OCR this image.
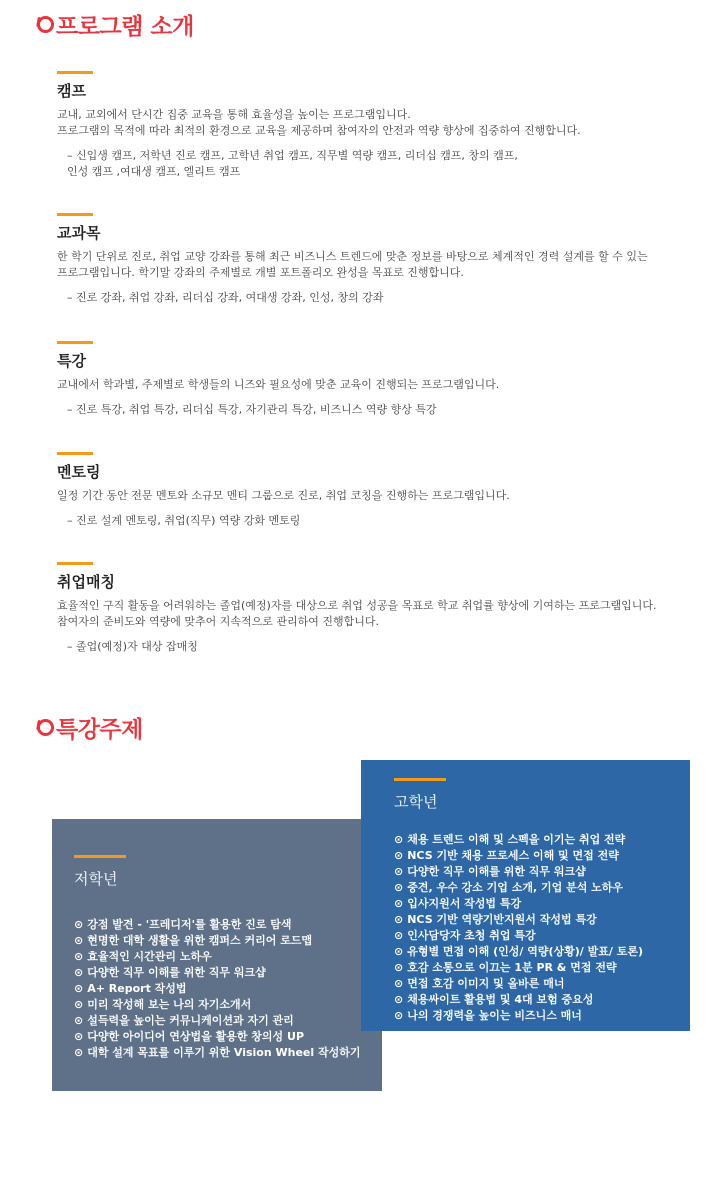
프로그램 소개
캠프

교내, 교외에서 단시간 집중 교육을 통해 효율성을 높이는 프로그램입니다.
프로그램의 목적에 따라 최적의 환경으로 교육을 제공하며 참여자의 안전과 역량 향상에 집중하여 진행합니다.

– 신입생 캠프, 저학년 진로 캠프, 고학년 취업 캠프, 직무별 역량 캠프, 리더십 캠프, 창의 캠프,
인성 캠프 ,여대생 캠프, 엘리트 캠프

교과목

한 학기 단위로 진로, 취업 교양 강좌를 통해 최근 비즈니스 트렌드에 맞춘 정보를 바탕으로 체계적인 경력 설계를 할 수 있는
프로그램입니다. 학기말 강좌의 주제별로 개별 포트폴리오 완성을 목표로 진행합니다.

– 진로 강좌, 취업 강좌, 리더십 강좌, 여대생 강좌, 인성, 창의 강좌

특강

교내에서 학과별, 주제별로 학생들의 니즈와 필요성에 맞춘 교육이 진행되는 프로그램입니다.

– 진로 특강, 취업 특강, 리더십 특강, 자기관리 특강, 비즈니스 역량 향상 특강

멘토링

일정 기간 동안 전문 멘토와 소규모 멘티 그룹으로 진로, 취업 코칭을 진행하는 프로그램입니다.

– 진로 설계 멘토링, 취업(직무) 역량 강화 멘토링

취업매칭

효율적인 구직 활동을 어려워하는 졸업(예정)자를 대상으로 취업 성공을 목표로 학교 취업률 향상에 기여하는 프로그램입니다.
참여자의 준비도와 역량에 맞추어 지속적으로 관리하여 진행합니다.

– 졸업(예정)자 대상 잡매칭

특강주제
저학년
⊙ 강점 발견 - '프레디저'를 활용한 진로 탐색
⊙ 현명한 대학 생활을 위한 캠퍼스 커리어 로드맵
⊙ 효율적인 시간관리 노하우
⊙ 다양한 직무 이해를 위한 직무 워크샵
⊙ A+ Report 작성법
⊙ 미리 작성해 보는 나의 자기소개서
⊙ 설득력을 높이는 커뮤니케이션과 자기 관리
⊙ 다양한 아이디어 연상법을 활용한 창의성 UP
⊙ 대학 설계 목표를 이루기 위한 Vision Wheel 작성하기
고학년
⊙ 채용 트렌드 이해 및 스펙을 이기는 취업 전략
⊙ NCS 기반 채용 프로세스 이해 및 면접 전략
⊙ 다양한 직무 이해를 위한 직무 워크샵
⊙ 중견, 우수 강소 기업 소개, 기업 분석 노하우
⊙ 입사지원서 작성법 특강
⊙ NCS 기반 역량기반지원서 작성법 특강
⊙ 인사담당자 초청 취업 특강
⊙ 유형별 면접 이해 (인성/ 역량(상황)/ 발표/ 토론)
⊙ 호감 소통으로 이끄는 1분 PR & 면접 전략
⊙ 면접 호감 이미지 및 올바른 매너
⊙ 채용싸이트 활용법 및 4대 보험 중요성
⊙ 나의 경쟁력을 높이는 비즈니스 매너
